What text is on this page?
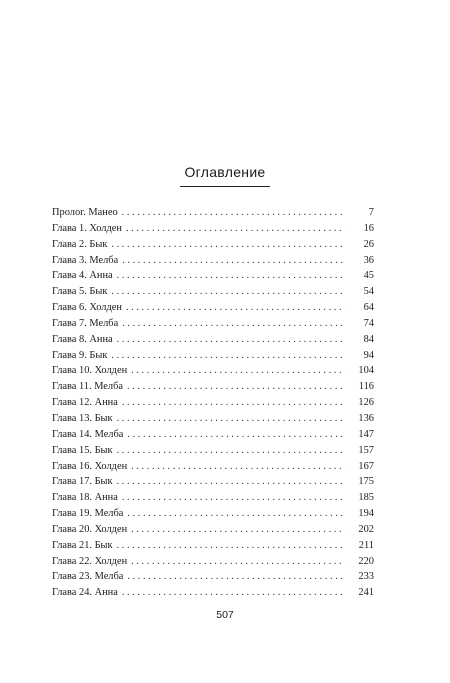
Оглавление
Пролог. Манео . . .	7
Глава 1. Холден . . .	16
Глава 2. Бык . . .	26
Глава 3. Мелба . . .	36
Глава 4. Анна . . .	45
Глава 5. Бык . . .	54
Глава 6. Холден . . .	64
Глава 7. Мелба . . .	74
Глава 8. Анна . . .	84
Глава 9. Бык . . .	94
Глава 10. Холден . . .	104
Глава 11. Мелба . . .	116
Глава 12. Анна . . .	126
Глава 13. Бык . . .	136
Глава 14. Мелба . . .	147
Глава 15. Бык . . .	157
Глава 16. Холден . . .	167
Глава 17. Бык . . .	175
Глава 18. Анна . . .	185
Глава 19. Мелба . . .	194
Глава 20. Холден . . .	202
Глава 21. Бык . . .	211
Глава 22. Холден . . .	220
Глава 23. Мелба . . .	233
Глава 24. Анна . . .	241
507
